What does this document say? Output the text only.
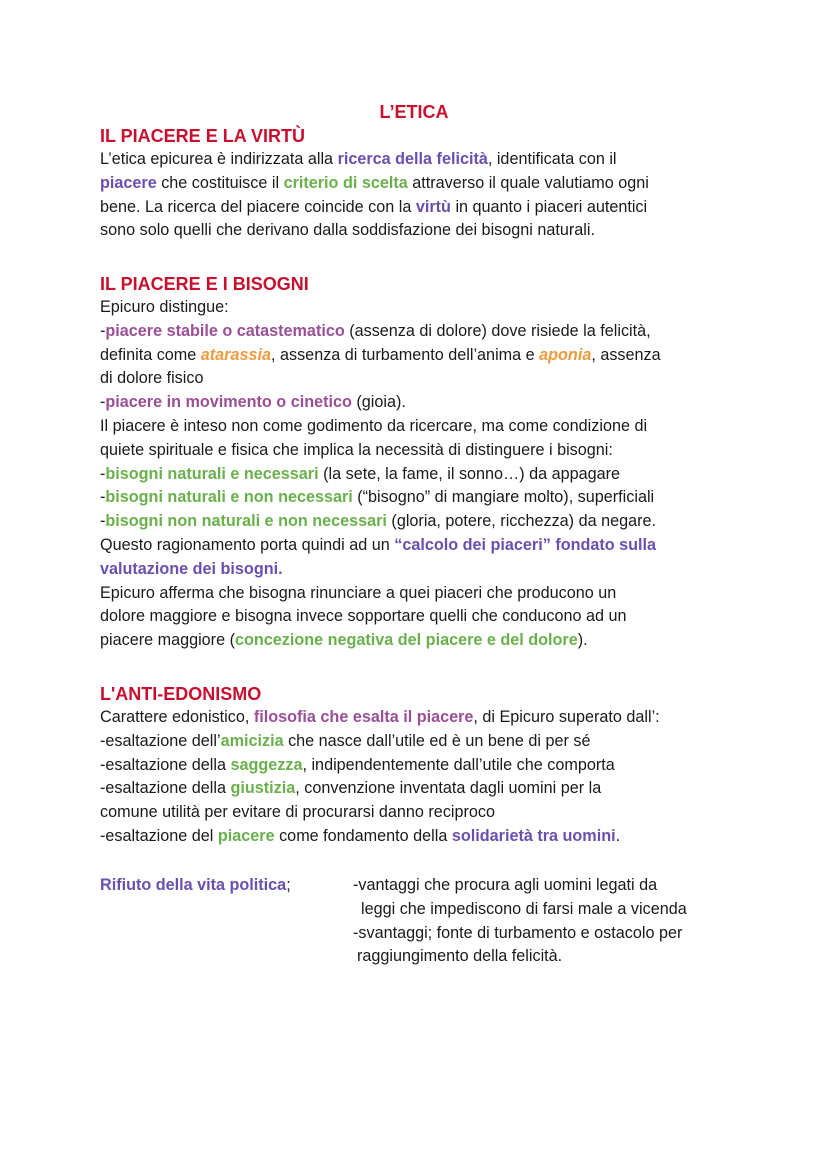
L’ETICA

IL PIACERE E LA VIRTÙ

L’etica epicurea è indirizzata alla ricerca della felicità, identificata con il

piacere che costituisce il criterio di scelta attraverso il quale valutiamo ogni

bene. La ricerca del piacere coincide con la virtù in quanto i piaceri autentici

sono solo quelli che derivano dalla soddisfazione dei bisogni naturali.

IL PIACERE E I BISOGNI

Epicuro distingue:

-piacere stabile o catastematico (assenza di dolore) dove risiede la felicità,

definita come atarassia, assenza di turbamento dell’anima e aponia, assenza

di dolore fisico

-piacere in movimento o cinetico (gioia).

Il piacere è inteso non come godimento da ricercare, ma come condizione di

quiete spirituale e fisica che implica la necessità di distinguere i bisogni:

-bisogni naturali e necessari (la sete, la fame, il sonno…) da appagare

-bisogni naturali e non necessari (“bisogno” di mangiare molto), superficiali

-bisogni non naturali e non necessari (gloria, potere, ricchezza) da negare.

Questo ragionamento porta quindi ad un “calcolo dei piaceri” fondato sulla

valutazione dei bisogni.

Epicuro afferma che bisogna rinunciare a quei piaceri che producono un

dolore maggiore e bisogna invece sopportare quelli che conducono ad un

piacere maggiore (concezione negativa del piacere e del dolore).

L'ANTI-EDONISMO

Carattere edonistico, filosofia che esalta il piacere, di Epicuro superato dall’:

-esaltazione dell’amicizia che nasce dall’utile ed è un bene di per sé

-esaltazione della saggezza, indipendentemente dall’utile che comporta

-esaltazione della giustizia, convenzione inventata dagli uomini per la

comune utilità per evitare di procurarsi danno reciproco

-esaltazione del piacere come fondamento della solidarietà tra uomini.

Rifiuto della vita politica;	-vantaggi che procura agli uomini legati da

leggi che impediscono di farsi male a vicenda

-svantaggi; fonte di turbamento e ostacolo per

raggiungimento della felicità.
